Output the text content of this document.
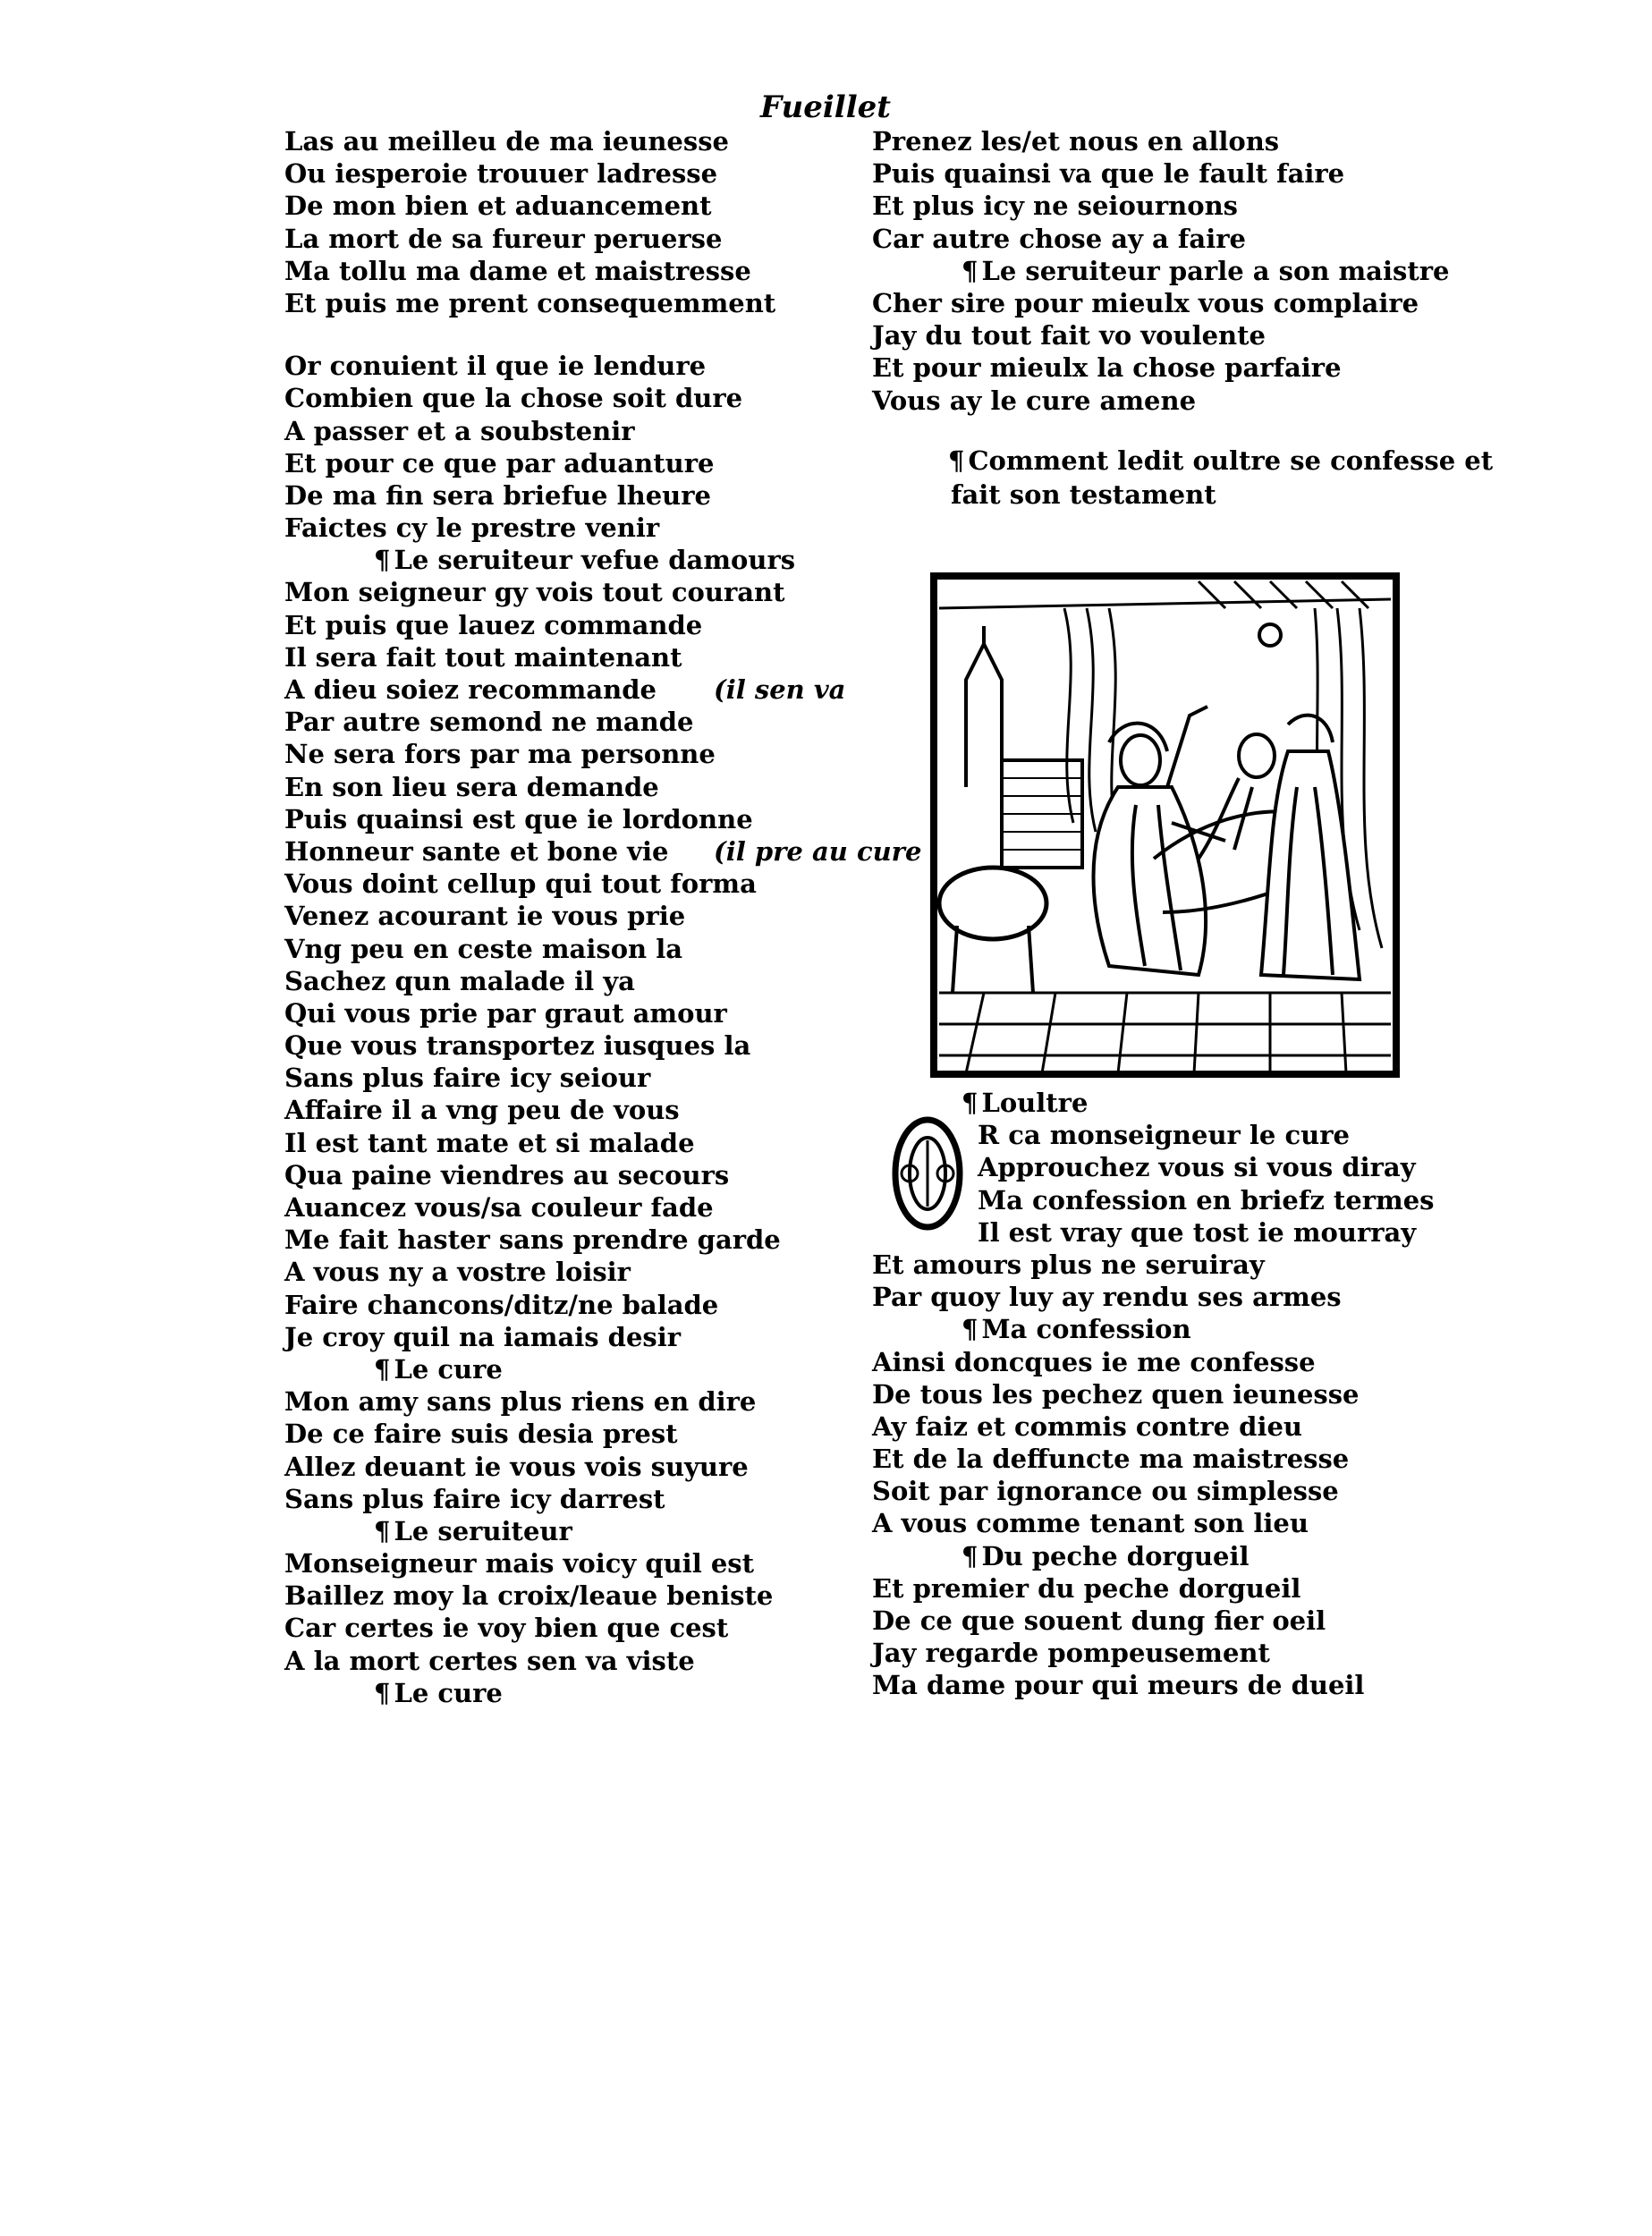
Fueillet
Las au meilleu de ma ieunesse
Ou iesperoie trouuer ladresse
De mon bien et aduancement
La mort de sa fureur peruerse
Ma tollu ma dame et maistresse
Et puis me prent consequemment
Or conuient il que ie lendure
Combien que la chose soit dure
A passer et a soubstenir
Et pour ce que par aduanture
De ma fin sera briefue lheure
Faictes cy le prestre venir
¶ Le seruiteur vefue damours
Mon seigneur gy vois tout courant
Et puis que lauez commande
Il sera fait tout maintenant
A dieu soiez recommande	( il sen va
Par autre semond ne mande
Ne sera fors par ma personne
En son lieu sera demande
Puis quainsi est que ie lordonne
Honneur sante et bone vie	( il pre au cure
Vous doint cellup qui tout forma
Venez acourant ie vous prie
Vng peu en ceste maison la
Sachez qun malade il ya
Qui vous prie par graut amour
Que vous transportez iusques la
Sans plus faire icy seiour
Affaire il a vng peu de vous
Il est tant mate et si malade
Qua paine viendres au secours
Auancez vous/sa couleur fade
Me fait haster sans prendre garde
A vous ny a vostre loisir
Faire chancons/ditz/ne balade
Je croy quil na iamais desir
¶ Le cure
Mon amy sans plus riens en dire
De ce faire suis desia prest
Allez deuant ie vous vois suyure
Sans plus faire icy darrest
¶ Le seruiteur
Monseigneur mais voicy quil est
Baillez moy la croix/leaue beniste
Car certes ie voy bien que cest
A la mort certes sen va viste
¶ Le cure
Prenez les/et nous en allons
Puis quainsi va que le fault faire
Et plus icy ne seiournons
Car autre chose ay a faire
¶ Le seruiteur parle a son maistre
Cher sire pour mieulx vous complaire
Jay du tout fait vo voulente
Et pour mieulx la chose parfaire
Vous ay le cure amene
¶ Comment ledit oultre se confesse et
fait son testament
¶ Loultre
R ca monseigneur le cure
Approuchez vous si vous diray
Ma confession en briefz termes
Il est vray que tost ie mourray
Et amours plus ne seruiray
Par quoy luy ay rendu ses armes
¶ Ma confession
Ainsi doncques ie me confesse
De tous les pechez quen ieunesse
Ay faiz et commis contre dieu
Et de la deffuncte ma maistresse
Soit par ignorance ou simplesse
A vous comme tenant son lieu
¶ Du peche dorgueil
Et premier du peche dorgueil
De ce que souent dung fier oeil
Jay regarde pompeusement
Ma dame pour qui meurs de dueil
